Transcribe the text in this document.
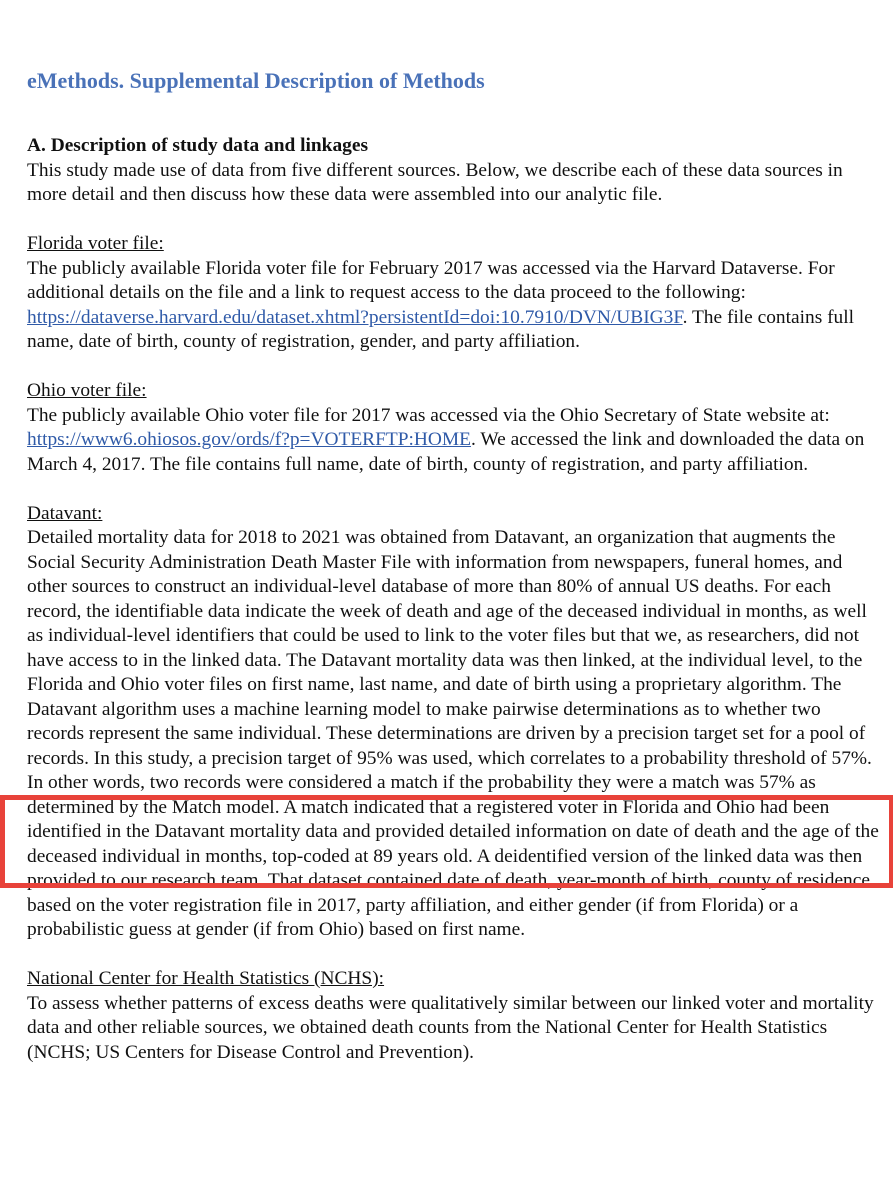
eMethods. Supplemental Description of Methods
A. Description of study data and linkages
This study made use of data from five different sources. Below, we describe each of these data sources in more detail and then discuss how these data were assembled into our analytic file.
Florida voter file:
The publicly available Florida voter file for February 2017 was accessed via the Harvard Dataverse. For additional details on the file and a link to request access to the data proceed to the following: https://dataverse.harvard.edu/dataset.xhtml?persistentId=doi:10.7910/DVN/UBIG3F. The file contains full name, date of birth, county of registration, gender, and party affiliation.
Ohio voter file:
The publicly available Ohio voter file for 2017 was accessed via the Ohio Secretary of State website at: https://www6.ohiosos.gov/ords/f?p=VOTERFTP:HOME. We accessed the link and downloaded the data on March 4, 2017. The file contains full name, date of birth, county of registration, and party affiliation.
Datavant:
Detailed mortality data for 2018 to 2021 was obtained from Datavant, an organization that augments the Social Security Administration Death Master File with information from newspapers, funeral homes, and other sources to construct an individual-level database of more than 80% of annual US deaths. For each record, the identifiable data indicate the week of death and age of the deceased individual in months, as well as individual-level identifiers that could be used to link to the voter files but that we, as researchers, did not have access to in the linked data. The Datavant mortality data was then linked, at the individual level, to the Florida and Ohio voter files on first name, last name, and date of birth using a proprietary algorithm. The Datavant algorithm uses a machine learning model to make pairwise determinations as to whether two records represent the same individual. These determinations are driven by a precision target set for a pool of records. In this study, a precision target of 95% was used, which correlates to a probability threshold of 57%. In other words, two records were considered a match if the probability they were a match was 57% as determined by the Match model. A match indicated that a registered voter in Florida and Ohio had been identified in the Datavant mortality data and provided detailed information on date of death and the age of the deceased individual in months, top-coded at 89 years old. A deidentified version of the linked data was then provided to our research team. That dataset contained date of death, year-month of birth, county of residence based on the voter registration file in 2017, party affiliation, and either gender (if from Florida) or a probabilistic guess at gender (if from Ohio) based on first name.
National Center for Health Statistics (NCHS):
To assess whether patterns of excess deaths were qualitatively similar between our linked voter and mortality data and other reliable sources, we obtained death counts from the National Center for Health Statistics (NCHS; US Centers for Disease Control and Prevention).
